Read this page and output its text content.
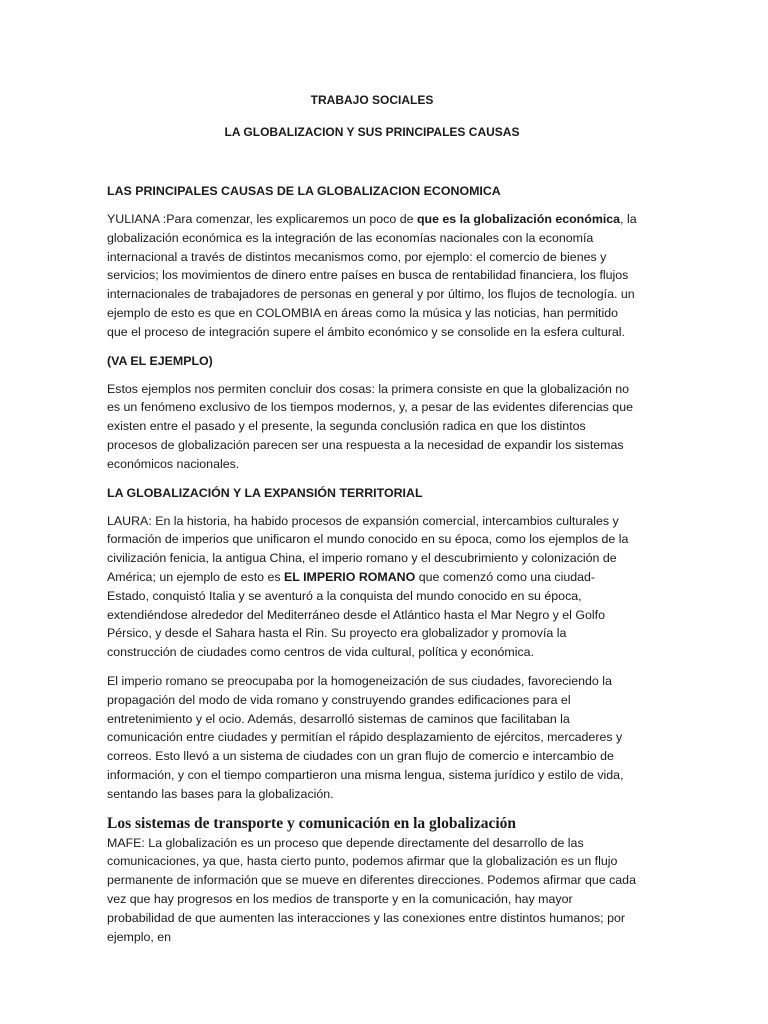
TRABAJO SOCIALES
LA GLOBALIZACION Y SUS PRINCIPALES CAUSAS
LAS PRINCIPALES CAUSAS DE LA GLOBALIZACION ECONOMICA

YULIANA :Para comenzar, les explicaremos un poco de que es la globalización económica, la globalización económica es la integración de las economías nacionales con la economía internacional a través de distintos mecanismos como, por ejemplo: el comercio de bienes y servicios; los movimientos de dinero entre países en busca de rentabilidad financiera, los flujos internacionales de trabajadores de personas en general y por último, los flujos de tecnología. un ejemplo de esto es que en COLOMBIA en áreas como la música y las noticias, han permitido que el proceso de integración supere el ámbito económico y se consolide en la esfera cultural.

(VA EL EJEMPLO)

Estos ejemplos nos permiten concluir dos cosas: la primera consiste en que la globalización no es un fenómeno exclusivo de los tiempos modernos, y, a pesar de las evidentes diferencias que existen entre el pasado y el presente, la segunda conclusión radica en que los distintos procesos de globalización parecen ser una respuesta a la necesidad de expandir los sistemas económicos nacionales.

LA GLOBALIZACIÓN Y LA EXPANSIÓN TERRITORIAL

LAURA: En la historia, ha habido procesos de expansión comercial, intercambios culturales y formación de imperios que unificaron el mundo conocido en su época, como los ejemplos de la civilización fenicia, la antigua China, el imperio romano y el descubrimiento y colonización de América; un ejemplo de esto es EL IMPERIO ROMANO que comenzó como una ciudad-Estado, conquistó Italia y se aventuró a la conquista del mundo conocido en su época, extendiéndose alrededor del Mediterráneo desde el Atlántico hasta el Mar Negro y el Golfo Pérsico, y desde el Sahara hasta el Rin. Su proyecto era globalizador y promovía la construcción de ciudades como centros de vida cultural, política y económica.

El imperio romano se preocupaba por la homogeneización de sus ciudades, favoreciendo la propagación del modo de vida romano y construyendo grandes edificaciones para el entretenimiento y el ocio. Además, desarrolló sistemas de caminos que facilitaban la comunicación entre ciudades y permitían el rápido desplazamiento de ejércitos, mercaderes y correos. Esto llevó a un sistema de ciudades con un gran flujo de comercio e intercambio de información, y con el tiempo compartieron una misma lengua, sistema jurídico y estilo de vida, sentando las bases para la globalización.

Los sistemas de transporte y comunicación en la globalización

MAFE: La globalización es un proceso que depende directamente del desarrollo de las comunicaciones, ya que, hasta cierto punto, podemos afirmar que la globalización es un flujo permanente de información que se mueve en diferentes direcciones. Podemos afirmar que cada vez que hay progresos en los medios de transporte y en la comunicación, hay mayor probabilidad de que aumenten las interacciones y las conexiones entre distintos humanos; por ejemplo, en
